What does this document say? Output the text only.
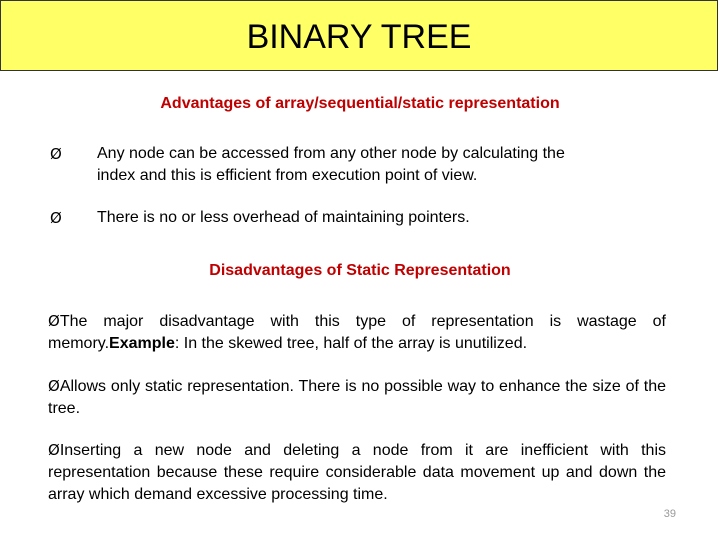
BINARY TREE
Advantages of array/sequential/static representation
Ø Any node can be accessed from any other node by calculating the
index and this is efficient from execution point of view.
Ø There is no or less overhead of maintaining pointers.
Disadvantages of Static Representation
ØThe major disadvantage with this type of representation is wastage of memory.Example: In the skewed tree, half of the array is unutilized.
ØAllows only static representation. There is no possible way to enhance the size of the tree.
ØInserting a new node and deleting a node from it are inefficient with this representation because these require considerable data movement up and down the array which demand excessive processing time.
39
